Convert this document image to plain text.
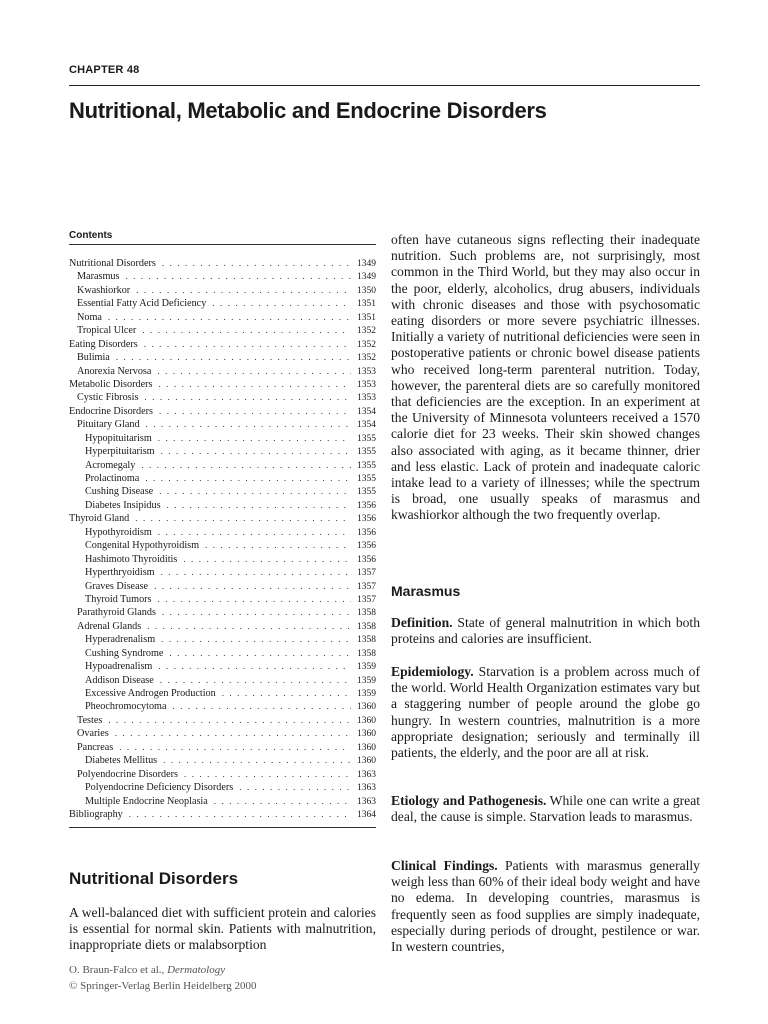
CHAPTER 48
Nutritional, Metabolic and Endocrine Disorders
Contents
Nutritional Disorders . . .	1349
Marasmus . . .	1349
Kwashiorkor . . .	1350
Essential Fatty Acid Deficiency . . .	1351
Noma . . .	1351
Tropical Ulcer . . .	1352
Eating Disorders . . .	1352
Bulimia . . .	1352
Anorexia Nervosa . . .	1353
Metabolic Disorders . . .	1353
Cystic Fibrosis . . .	1353
Endocrine Disorders . . .	1354
Pituitary Gland . . .	1354
Hypopituitarism . . .	1355
Hyperpituitarism . . .	1355
Acromegaly . . .	1355
Prolactinoma . . .	1355
Cushing Disease . . .	1355
Diabetes Insipidus . . .	1356
Thyroid Gland . . .	1356
Hypothyroidism . . .	1356
Congenital Hypothyroidism . . .	1356
Hashimoto Thyroiditis . . .	1356
Hyperthryoidism . . .	1357
Graves Disease . . .	1357
Thyroid Tumors . . .	1357
Parathyroid Glands . . .	1358
Adrenal Glands . . .	1358
Hyperadrenalism . . .	1358
Cushing Syndrome . . .	1358
Hypoadrenalism . . .	1359
Addison Disease . . .	1359
Excessive Androgen Production . . .	1359
Pheochromocytoma . . .	1360
Testes . . .	1360
Ovaries . . .	1360
Pancreas . . .	1360
Diabetes Mellitus . . .	1360
Polyendocrine Disorders . . .	1363
Polyendocrine Deficiency Disorders . . .	1363
Multiple Endocrine Neoplasia . . .	1363
Bibliography . . .	1364
Nutritional Disorders

A well-balanced diet with sufficient protein and calories is essential for normal skin. Patients with malnutrition, inappropriate diets or malabsorption

often have cutaneous signs reflecting their inadequate nutrition. Such problems are, not surprisingly, most common in the Third World, but they may also occur in the poor, elderly, alcoholics, drug abusers, individuals with chronic diseases and those with psychosomatic eating disorders or more severe psychiatric illnesses. Initially a variety of nutritional deficiencies were seen in postoperative patients or chronic bowel disease patients who received long-term parenteral nutrition. Today, however, the parenteral diets are so carefully monitored that deficiencies are the exception. In an experiment at the University of Minnesota volunteers received a 1570 calorie diet for 23 weeks. Their skin showed changes also associated with aging, as it became thinner, drier and less elastic. Lack of protein and inadequate caloric intake lead to a variety of illnesses; while the spectrum is broad, one usually speaks of marasmus and kwashiorkor although the two frequently overlap.

Marasmus

Definition. State of general malnutrition in which both proteins and calories are insufficient.

Epidemiology. Starvation is a problem across much of the world. World Health Organization estimates vary but a staggering number of people around the globe go hungry. In western countries, malnutrition is a more appropriate designation; seriously and terminally ill patients, the elderly, and the poor are all at risk.

Etiology and Pathogenesis. While one can write a great deal, the cause is simple. Starvation leads to marasmus.

Clinical Findings. Patients with marasmus generally weigh less than 60% of their ideal body weight and have no edema. In developing countries, marasmus is frequently seen as food supplies are simply inadequate, especially during periods of drought, pestilence or war. In western countries,

O. Braun-Falco et al., Dermatology
© Springer-Verlag Berlin Heidelberg 2000
